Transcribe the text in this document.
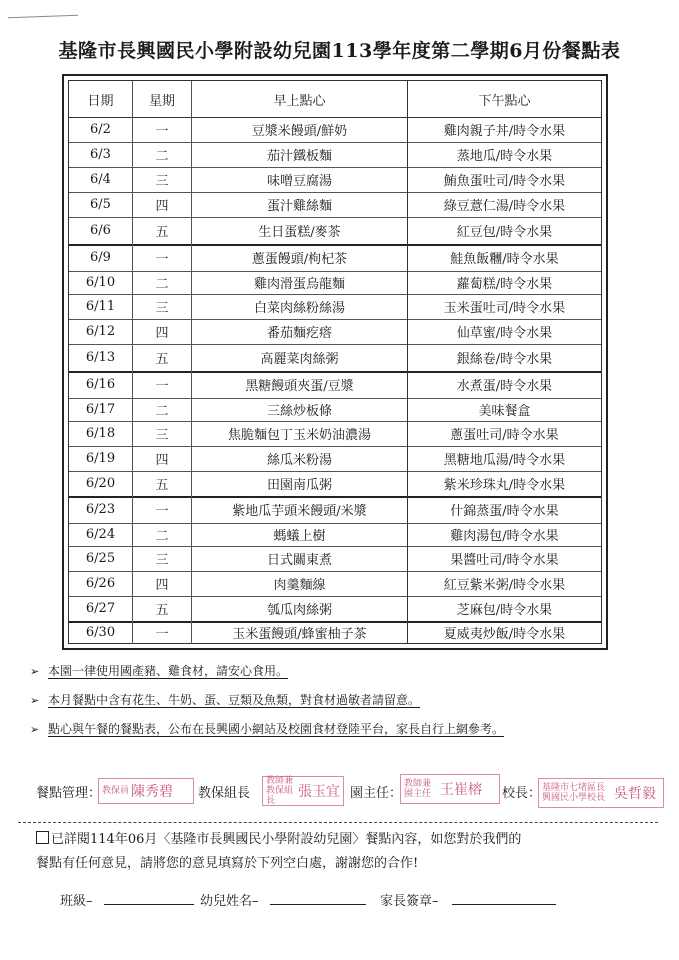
基隆市長興國民小學附設幼兒園113學年度第二學期6月份餐點表
日期	星期	早上點心	下午點心
6/2	一	豆漿米饅頭/鮮奶	雞肉親子丼/時令水果
6/3	二	茄汁鐵板麵	蒸地瓜/時令水果
6/4	三	味噌豆腐湯	鮪魚蛋吐司/時令水果
6/5	四	蛋汁雞絲麵	綠豆薏仁湯/時令水果
6/6	五	生日蛋糕/麥茶	紅豆包/時令水果
6/9	一	蔥蛋饅頭/枸杞茶	鮭魚飯糰/時令水果
6/10	二	雞肉滑蛋烏龍麵	蘿蔔糕/時令水果
6/11	三	白菜肉絲粉絲湯	玉米蛋吐司/時令水果
6/12	四	番茄麵疙瘩	仙草蜜/時令水果
6/13	五	高麗菜肉絲粥	銀絲卷/時令水果
6/16	一	黑糖饅頭夾蛋/豆漿	水煮蛋/時令水果
6/17	二	三絲炒板條	美味餐盒
6/18	三	焦脆麵包丁玉米奶油濃湯	蔥蛋吐司/時令水果
6/19	四	絲瓜米粉湯	黑糖地瓜湯/時令水果
6/20	五	田園南瓜粥	紫米珍珠丸/時令水果
6/23	一	紫地瓜芋頭米饅頭/米漿	什錦蒸蛋/時令水果
6/24	二	螞蟻上樹	雞肉湯包/時令水果
6/25	三	日式關東煮	果醬吐司/時令水果
6/26	四	肉羹麵線	紅豆紫米粥/時令水果
6/27	五	瓠瓜肉絲粥	芝麻包/時令水果
6/30	一	玉米蛋饅頭/蜂蜜柚子茶	夏威夷炒飯/時令水果
➢ 本園一律使用國產豬、雞食材，請安心食用。
➢ 本月餐點中含有花生、牛奶、蛋、豆類及魚類，對食材過敏者請留意。
➢ 點心與午餐的餐點表，公布在長興國小網站及校園食材登陸平台，家長自行上網參考。
餐點管理： 教保員 陳秀碧 教保組長
教師兼教保組長
張玉宜 園主任：
教師兼園主任 王崔榕 校長： 基隆市七堵區長興國民小學校長 吳哲毅
已詳閱114年06月〈基隆市長興國民小學附設幼兒園〉餐點內容，如您對於我們的
餐點有任何意見，請將您的意見填寫於下列空白處，謝謝您的合作!
班級–	幼兒姓名–	家長簽章–
